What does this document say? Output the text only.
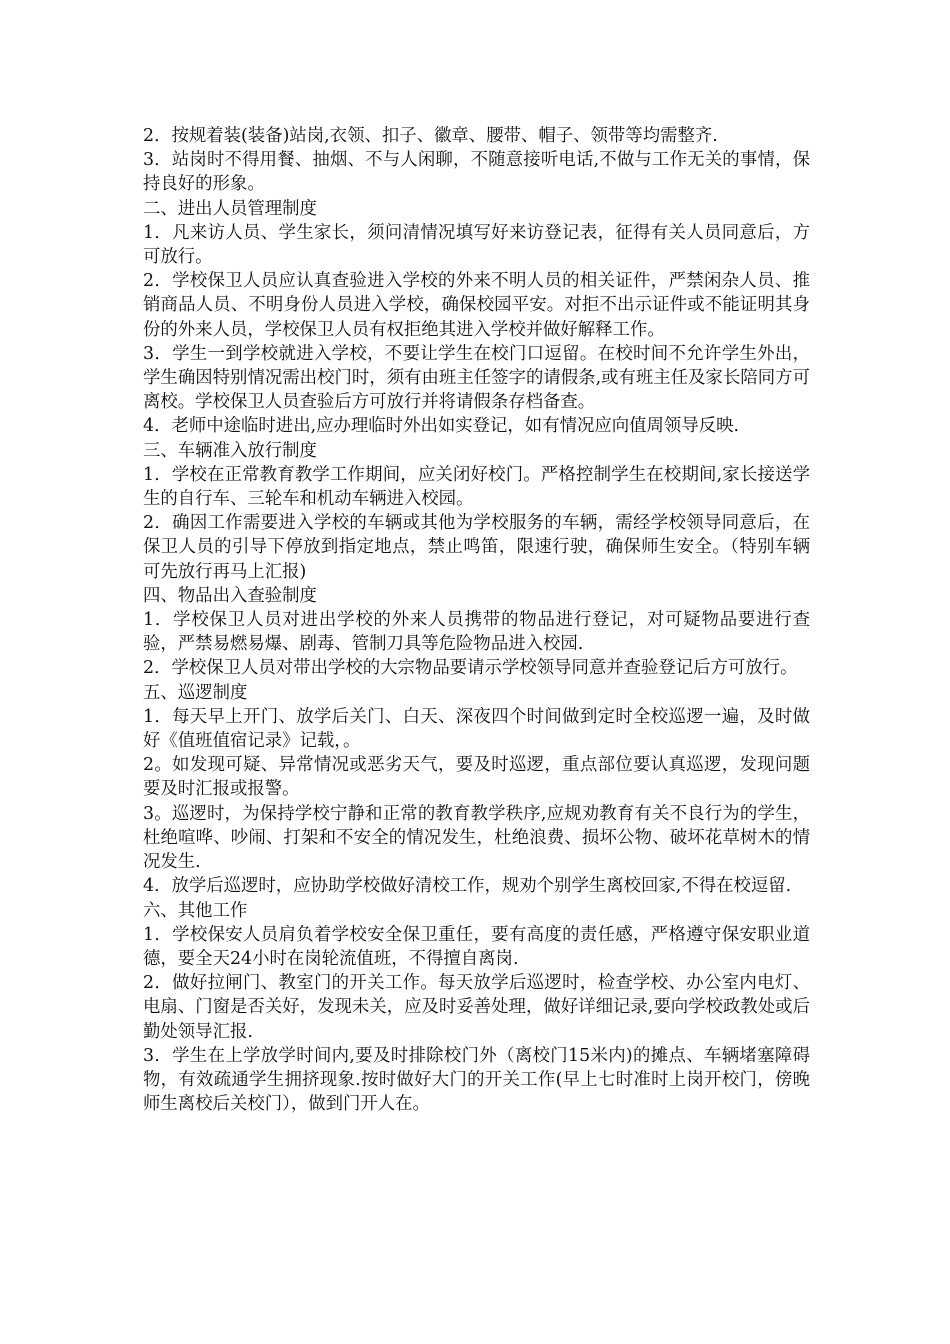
2．按规着装(装备)站岗,衣领、扣子、徽章、腰带、帽子、领带等均需整齐.

3．站岗时不得用餐、抽烟、不与人闲聊，不随意接听电话,不做与工作无关的事情，保持良好的形象。

二、进出人员管理制度

1．凡来访人员、学生家长，须问清情况填写好来访登记表，征得有关人员同意后，方可放行。

2．学校保卫人员应认真查验进入学校的外来不明人员的相关证件，严禁闲杂人员、推销商品人员、不明身份人员进入学校，确保校园平安。对拒不出示证件或不能证明其身份的外来人员，学校保卫人员有权拒绝其进入学校并做好解释工作。

3．学生一到学校就进入学校，不要让学生在校门口逗留。在校时间不允许学生外出，学生确因特别情况需出校门时，须有由班主任签字的请假条,或有班主任及家长陪同方可离校。学校保卫人员查验后方可放行并将请假条存档备查。

4．老师中途临时进出,应办理临时外出如实登记，如有情况应向值周领导反映.

三、车辆准入放行制度

1．学校在正常教育教学工作期间，应关闭好校门。严格控制学生在校期间,家长接送学生的自行车、三轮车和机动车辆进入校园。

2．确因工作需要进入学校的车辆或其他为学校服务的车辆，需经学校领导同意后，在保卫人员的引导下停放到指定地点，禁止鸣笛，限速行驶，确保师生安全。（特别车辆可先放行再马上汇报)

四、物品出入查验制度

1．学校保卫人员对进出学校的外来人员携带的物品进行登记，对可疑物品要进行查验，严禁易燃易爆、剧毒、管制刀具等危险物品进入校园.

2．学校保卫人员对带出学校的大宗物品要请示学校领导同意并查验登记后方可放行。

五、巡逻制度

1．每天早上开门、放学后关门、白天、深夜四个时间做到定时全校巡逻一遍，及时做好《值班值宿记录》记载，。

2。如发现可疑、异常情况或恶劣天气，要及时巡逻，重点部位要认真巡逻，发现问题要及时汇报或报警。

3。巡逻时，为保持学校宁静和正常的教育教学秩序,应规劝教育有关不良行为的学生，杜绝喧哗、吵闹、打架和不安全的情况发生，杜绝浪费、损坏公物、破坏花草树木的情况发生.

4．放学后巡逻时，应协助学校做好清校工作，规劝个别学生离校回家,不得在校逗留.

六、其他工作

1．学校保安人员肩负着学校安全保卫重任，要有高度的责任感，严格遵守保安职业道德，要全天24小时在岗轮流值班，不得擅自离岗.

2．做好拉闸门、教室门的开关工作。每天放学后巡逻时，检查学校、办公室内电灯、电扇、门窗是否关好，发现未关，应及时妥善处理，做好详细记录,要向学校政教处或后勤处领导汇报.

3．学生在上学放学时间内,要及时排除校门外（离校门15米内)的摊点、车辆堵塞障碍物，有效疏通学生拥挤现象.按时做好大门的开关工作(早上七时准时上岗开校门，傍晚师生离校后关校门），做到门开人在。
